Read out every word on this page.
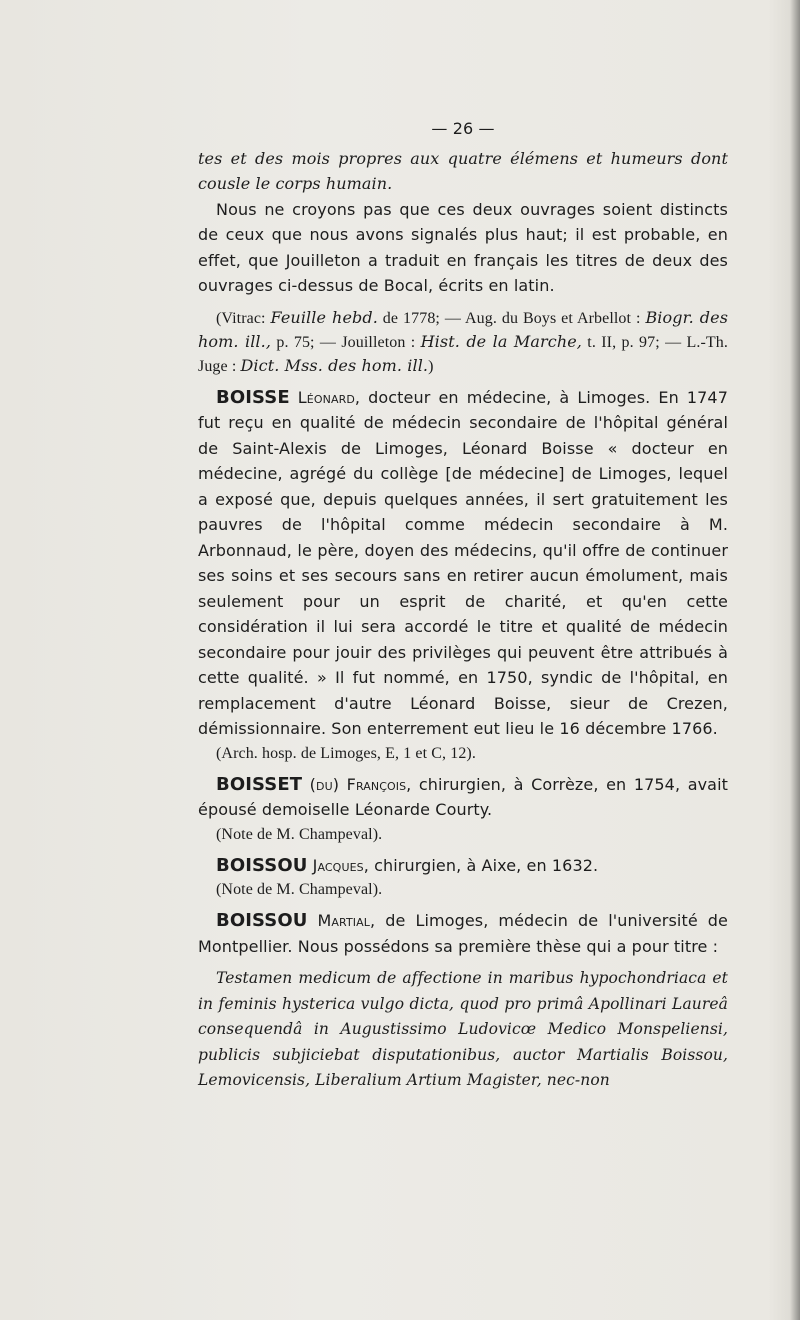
— 26 —

tes et des mois propres aux quatre élémens et humeurs dont cousle le corps humain.

Nous ne croyons pas que ces deux ouvrages soient distincts de ceux que nous avons signalés plus haut; il est probable, en effet, que Jouilleton a traduit en français les titres de deux des ouvrages ci-dessus de Bocal, écrits en latin.

(Vitrac: Feuille hebd. de 1778; — Aug. du Boys et Arbellot : Biogr. des hom. ill., p. 75; — Jouilleton : Hist. de la Marche, t. II, p. 97; — L.-Th. Juge : Dict. Mss. des hom. ill.)

BOISSE Léonard, docteur en médecine, à Limoges. En 1747 fut reçu en qualité de médecin secondaire de l'hôpital général de Saint-Alexis de Limoges, Léonard Boisse « docteur en médecine, agrégé du collège [de médecine] de Limoges, lequel a exposé que, depuis quelques années, il sert gratuitement les pauvres de l'hôpital comme médecin secondaire à M. Arbonnaud, le père, doyen des médecins, qu'il offre de continuer ses soins et ses secours sans en retirer aucun émolument, mais seulement pour un esprit de charité, et qu'en cette considération il lui sera accordé le titre et qualité de médecin secondaire pour jouir des privilèges qui peuvent être attribués à cette qualité. » Il fut nommé, en 1750, syndic de l'hôpital, en remplacement d'autre Léonard Boisse, sieur de Crezen, démissionnaire. Son enterrement eut lieu le 16 décembre 1766.

(Arch. hosp. de Limoges, E, 1 et C, 12).

BOISSET (du) François, chirurgien, à Corrèze, en 1754, avait épousé demoiselle Léonarde Courty.

(Note de M. Champeval).

BOISSOU Jacques, chirurgien, à Aixe, en 1632.

(Note de M. Champeval).

BOISSOU Martial, de Limoges, médecin de l'université de Montpellier. Nous possédons sa première thèse qui a pour titre :

Testamen medicum de affectione in maribus hypochondriaca et in feminis hysterica vulgo dicta, quod pro primâ Apollinari Laureâ consequendâ in Augustissimo Ludovicœ Medico Monspeliensi, publicis subjiciebat disputationibus, auctor Martialis Boissou, Lemovicensis, Liberalium Artium Magister, nec-non
